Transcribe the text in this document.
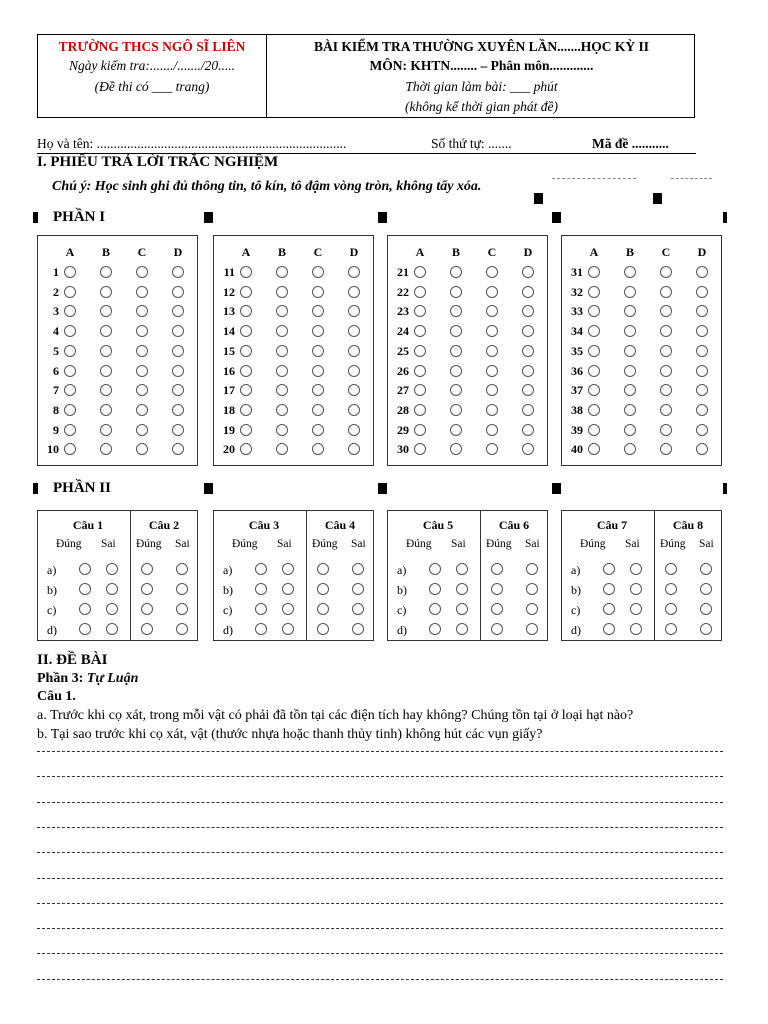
TRƯỜNG THCS NGÔ SĨ LIÊN
Ngày kiểm tra:......./......./20.....
(Đề thi có ___ trang)
BÀI KIỂM TRA THƯỜNG XUYÊN LẦN.......HỌC KỲ II
MÔN: KHTN........ – Phân môn.............
Thời gian làm bài: ___ phút
(không kể thời gian phát đề)
Họ và tên: ..........................................................................	Số thứ tự: .......	Mã đề ...........
I. PHIẾU TRẢ LỜI TRẮC NGHIỆM
Chú ý: Học sinh ghi đủ thông tin, tô kín, tô đậm vòng tròn, không tẩy xóa.
PHẦN I
A B C D
1
2
3
4
5
6
7
8
9
10
A B C D
11
12
13
14
15
16
17
18
19
20
A B C D
21
22
23
24
25
26
27
28
29
30
A B C D
31
32
33
34
35
36
37
38
39
40
PHẦN II
Câu 1
Đúng Sai
Câu 2
Đúng Sai
a)
b)
c)
d)
Câu 3
Đúng Sai
Câu 4
Đúng Sai
a)
b)
c)
d)
Câu 5
Đúng Sai
Câu 6
Đúng Sai
a)
b)
c)
d)
Câu 7
Đúng Sai
Câu 8
Đúng Sai
a)
b)
c)
d)
II. ĐỀ BÀI
Phần 3: Tự Luận
Câu 1.
a. Trước khi cọ xát, trong mỗi vật có phải đã tồn tại các điện tích hay không? Chúng tồn tại ở loại hạt nào?
b. Tại sao trước khi cọ xát, vật (thước nhựa hoặc thanh thủy tinh) không hút các vụn giấy?
